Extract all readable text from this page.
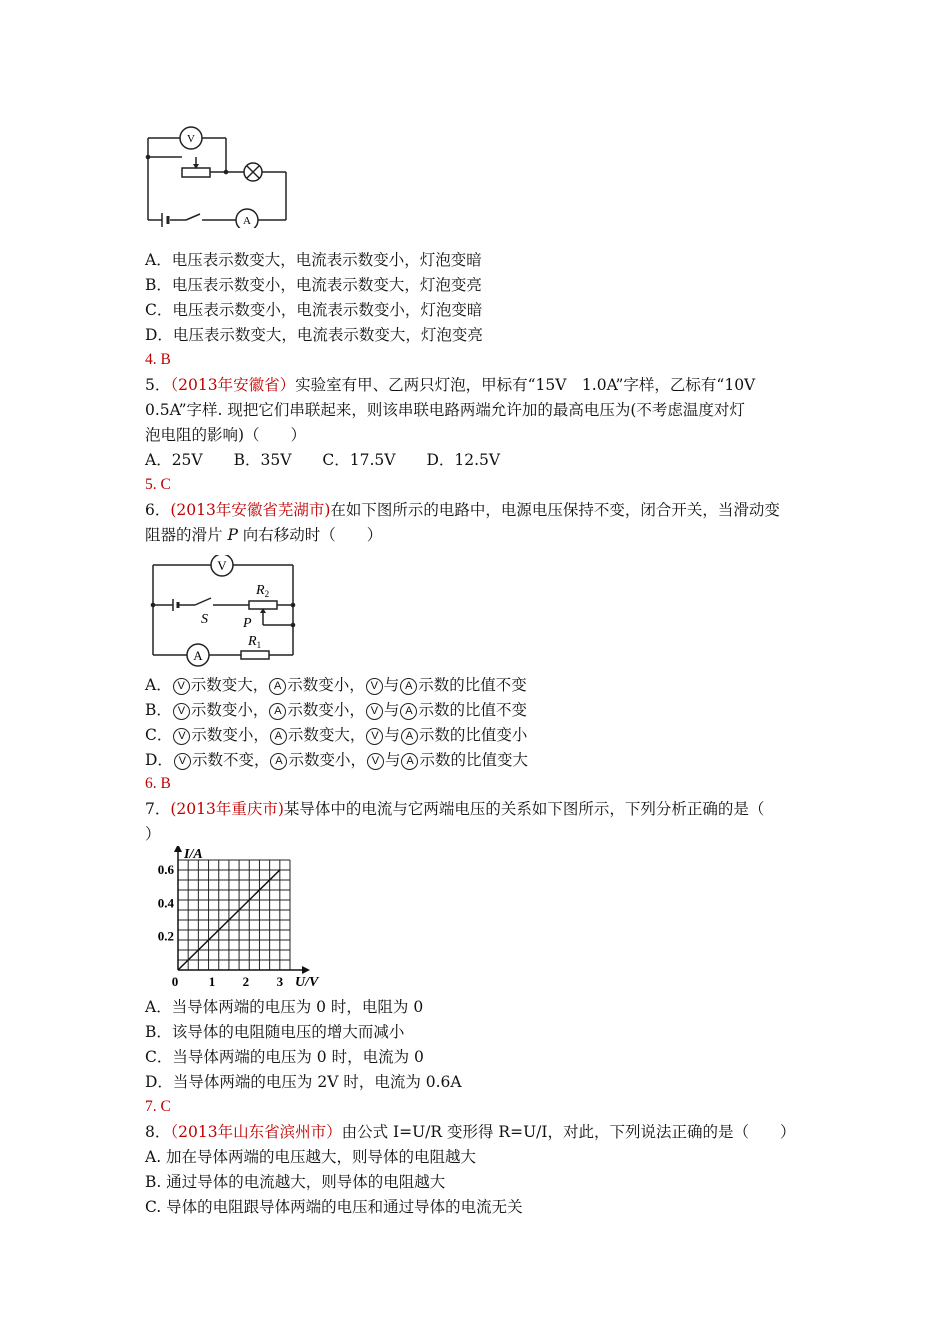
V
A
A．电压表示数变大，电流表示数变小，灯泡变暗
B．电压表示数变小，电流表示数变大，灯泡变亮
C．电压表示数变小，电流表示数变小，灯泡变暗
D．电压表示数变大，电流表示数变大，灯泡变亮
4. B
5．（2013年安徽省）实验室有甲、乙两只灯泡，甲标有“15V　1.0A”字样，乙标有“10V
0.5A”字样. 现把它们串联起来，则该串联电路两端允许加的最高电压为(不考虑温度对灯
泡电阻的影响)（　　）
A．25V　　B．35V　　C．17.5V　　D．12.5V
5. C
6．(2013年安徽省芜湖市)在如下图所示的电路中，电源电压保持不变，闭合开关，当滑动变
阻器的滑片 P 向右移动时（　　）
V
A
S	P
$R_2$
$R_1$
A． V 示数变大， A 示数变小， V 与 A 示数的比值不变
B． V 示数变小， A 示数变小， V 与 A 示数的比值不变
C． V 示数变小， A 示数变大， V 与 A 示数的比值变小
D． V 示数不变， A 示数变小， V 与 A 示数的比值变大
6. B
7．(2013年重庆市)某导体中的电流与它两端电压的关系如下图所示，下列分析正确的是（
）
0 1 2 3
0.2
0.4
0.6
I/A
U/V
A．当导体两端的电压为 0 时，电阻为 0
B．该导体的电阻随电压的增大而减小
C．当导体两端的电压为 0 时，电流为 0
D．当导体两端的电压为 2V 时，电流为 0.6A
7. C
8．（2013年山东省滨州市）由公式 I=U/R 变形得 R=U/I，对此，下列说法正确的是（　　）
A. 加在导体两端的电压越大，则导体的电阻越大
B. 通过导体的电流越大，则导体的电阻越大
C. 导体的电阻跟导体两端的电压和通过导体的电流无关
